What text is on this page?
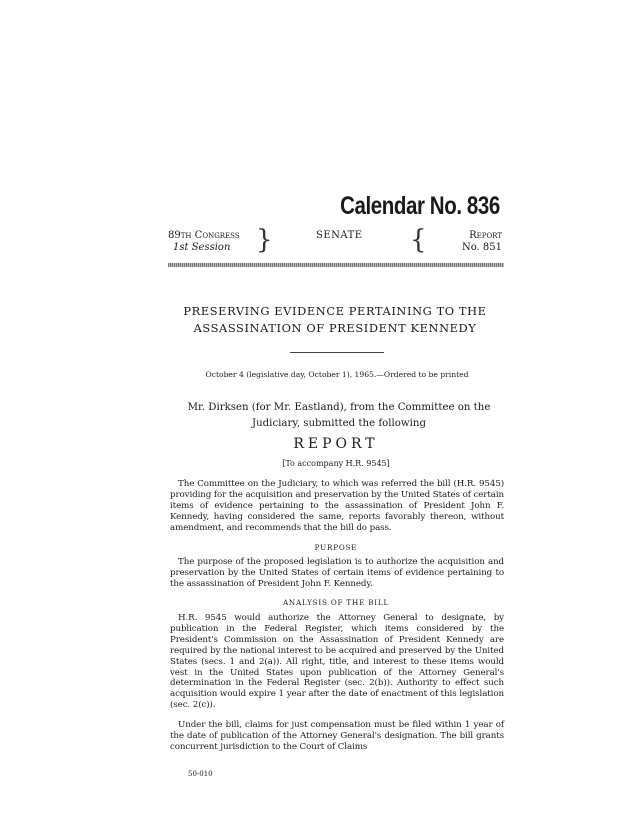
Calendar No. 836
89th Congress
1st Session }	SENATE {	Report
No. 851
PRESERVING EVIDENCE PERTAINING TO THE
ASSASSINATION OF PRESIDENT KENNEDY
October 4 (legislative day, October 1), 1965.—Ordered to be printed
Mr. Dirksen (for Mr. Eastland), from the Committee on the Judiciary, submitted the following
REPORT
[To accompany H.R. 9545]
The Committee on the Judiciary, to which was referred the bill (H.R. 9545) providing for the acquisition and preservation by the United States of certain items of evidence pertaining to the assassination of President John F. Kennedy, having considered the same, reports favorably thereon, without amendment, and recommends that the bill do pass.
PURPOSE
The purpose of the proposed legislation is to authorize the acquisition and preservation by the United States of certain items of evidence pertaining to the assassination of President John F. Kennedy.
ANALYSIS OF THE BILL
H.R. 9545 would authorize the Attorney General to designate, by publication in the Federal Register, which items considered by the President's Commission on the Assassination of President Kennedy are required by the national interest to be acquired and preserved by the United States (secs. 1 and 2(a)). All right, title, and interest to these items would vest in the United States upon publication of the Attorney General's determination in the Federal Register (sec. 2(b)). Authority to effect such acquisition would expire 1 year after the date of enactment of this legislation (sec. 2(c)).
Under the bill, claims for just compensation must be filed within 1 year of the date of publication of the Attorney General's designation. The bill grants concurrent jurisdiction to the Court of Claims
50-010
